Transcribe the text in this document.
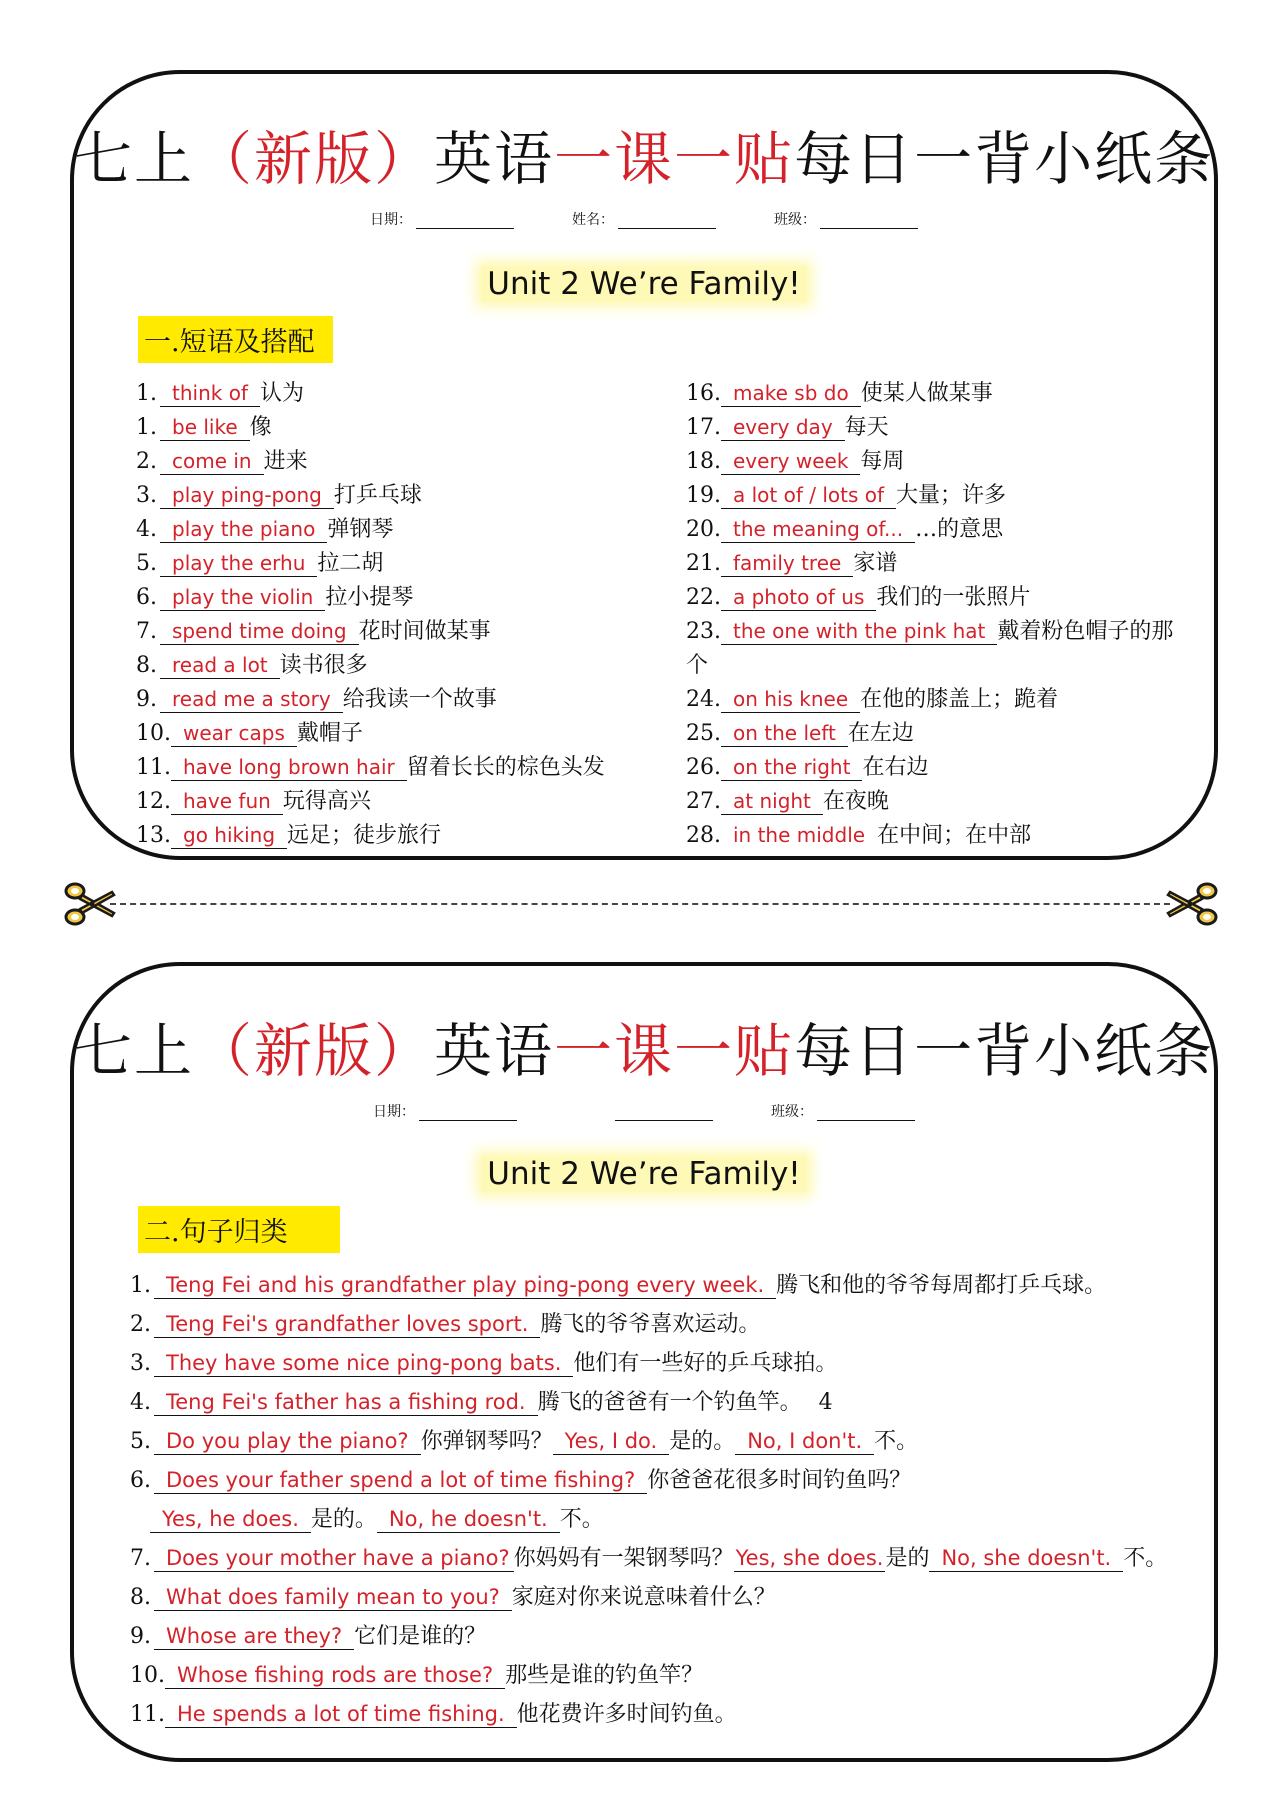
七上（新版）英语一课一贴每日一背小纸条
日期：	姓名：	班级：
Unit 2 We’re Family!
一.短语及搭配
1. think of 认为
1. be like 像
2. come in 进来
3. play ping-pong 打乒乓球
4. play the piano 弹钢琴
5. play the erhu 拉二胡
6. play the violin 拉小提琴
7. spend time doing 花时间做某事
8. read a lot 读书很多
9. read me a story 给我读一个故事
10. wear caps 戴帽子
11. have long brown hair 留着长长的棕色头发
12. have fun 玩得高兴
13. go hiking 远足；徒步旅行
16. make sb do 使某人做某事
17. every day 每天
18. every week 每周
19. a lot of / lots of 大量；许多
20. the meaning of... …的意思
21. family tree 家谱
22. a photo of us 我们的一张照片
23. the one with the pink hat 戴着粉色帽子的那个
24. on his knee 在他的膝盖上；跪着
25. on the left 在左边
26. on the right 在右边
27. at night 在夜晚
28. in the middle 在中间；在中部
七上（新版）英语一课一贴每日一背小纸条
日期：	班级：
Unit 2 We’re Family!
二.句子归类
1. Teng Fei and his grandfather play ping-pong every week. 腾飞和他的爷爷每周都打乒乓球。
2. Teng Fei's grandfather loves sport. 腾飞的爷爷喜欢运动。
3. They have some nice ping-pong bats. 他们有一些好的乒乓球拍。
4. Teng Fei's father has a fishing rod. 腾飞的爸爸有一个钓鱼竿。 4
5. Do you play the piano? 你弹钢琴吗？ Yes, I do. 是的。 No, I don't. 不。
6. Does your father spend a lot of time fishing? 你爸爸花很多时间钓鱼吗？
Yes, he does. 是的。 No, he doesn't. 不。
7. Does your mother have a piano? 你妈妈有一架钢琴吗？Yes, she does.是的 No, she doesn't. 不。
8. What does family mean to you? 家庭对你来说意味着什么？
9. Whose are they? 它们是谁的？
10. Whose fishing rods are those? 那些是谁的钓鱼竿？
11. He spends a lot of time fishing. 他花费许多时间钓鱼。
